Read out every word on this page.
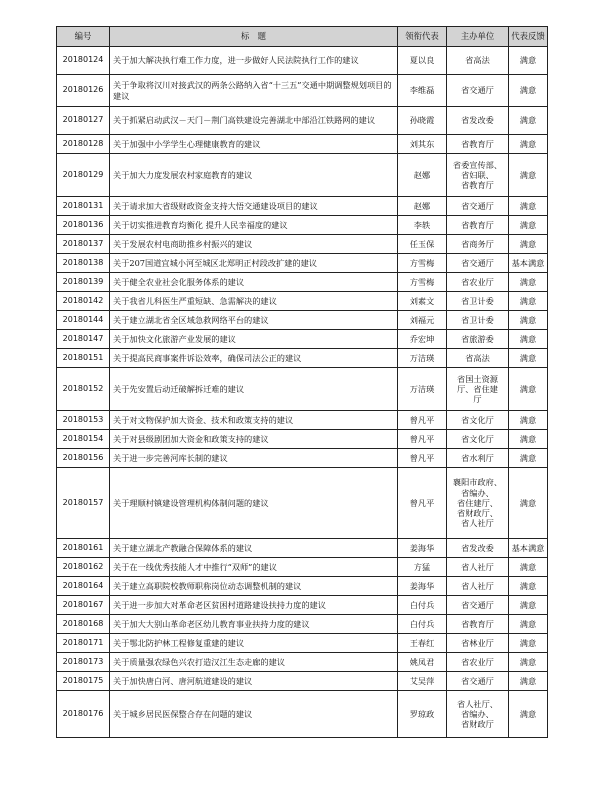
编号	标　题	领衔代表	主办单位	代表反馈
20180124	关于加大解决执行难工作力度，进一步做好人民法院执行工作的建议	夏以良	省高法	满意
20180126	关于争取将汉川对接武汉的两条公路纳入省“十三五”交通中期调整规划项目的建议	李维磊	省交通厅	满意
20180127	关于抓紧启动武汉－天门－荆门高铁建设完善湖北中部沿江铁路网的建议	孙晓霞	省发改委	满意
20180128	关于加强中小学学生心理健康教育的建议	刘其东	省教育厅	满意
20180129	关于加大力度发展农村家庭教育的建议	赵娜	省委宣传部、
省妇联、
省教育厅	满意
20180131	关于请求加大省级财政资金支持大悟交通建设项目的建议	赵娜	省交通厅	满意
20180136	关于切实推进教育均衡化 提升人民幸福度的建议	李轶	省教育厅	满意
20180137	关于发展农村电商助推乡村振兴的建议	任玉保	省商务厅	满意
20180138	关于207国道宜城小河至城区北郑明正村段改扩建的建议	方雪梅	省交通厅	基本满意
20180139	关于健全农业社会化服务体系的建议	方雪梅	省农业厅	满意
20180142	关于我省儿科医生严重短缺、急需解决的建议	刘素文	省卫计委	满意
20180144	关于建立湖北省全区域急救网络平台的建议	刘福元	省卫计委	满意
20180147	关于加快文化旅游产业发展的建议	乔宏坤	省旅游委	满意
20180151	关于提高民商事案件诉讼效率，确保司法公正的建议	万洁瑛	省高法	满意
20180152	关于先安置后动迁破解拆迁难的建议	万洁瑛	省国土资源
厅、省住建
厅	满意
20180153	关于对文物保护加大资金、技术和政策支持的建议	曾凡平	省文化厅	满意
20180154	关于对县级剧团加大资金和政策支持的建议	曾凡平	省文化厅	满意
20180156	关于进一步完善河库长制的建议	曾凡平	省水利厅	满意
20180157	关于理顺村镇建设管理机构体制问题的建议	曾凡平	襄阳市政府、
省编办、
省住建厅、
省财政厅、
省人社厅	满意
20180161	关于建立湖北产教融合保障体系的建议	姜海华	省发改委	基本满意
20180162	关于在一线优秀技能人才中推行“双师”的建议	方猛	省人社厅	满意
20180164	关于建立高职院校教师职称岗位动态调整机制的建议	姜海华	省人社厅	满意
20180167	关于进一步加大对革命老区贫困村道路建设扶持力度的建议	白付兵	省交通厅	满意
20180168	关于加大大别山革命老区幼儿教育事业扶持力度的建议	白付兵	省教育厅	满意
20180171	关于鄂北防护林工程修复重建的建议	王春红	省林业厅	满意
20180173	关于质量强农绿色兴农打造汉江生态走廊的建议	姚凤君	省农业厅	满意
20180175	关于加快唐白河、唐河航道建设的建议	艾吴萍	省交通厅	满意
20180176	关于城乡居民医保整合存在问题的建议	罗琼政	省人社厅、
省编办、
省财政厅	满意
